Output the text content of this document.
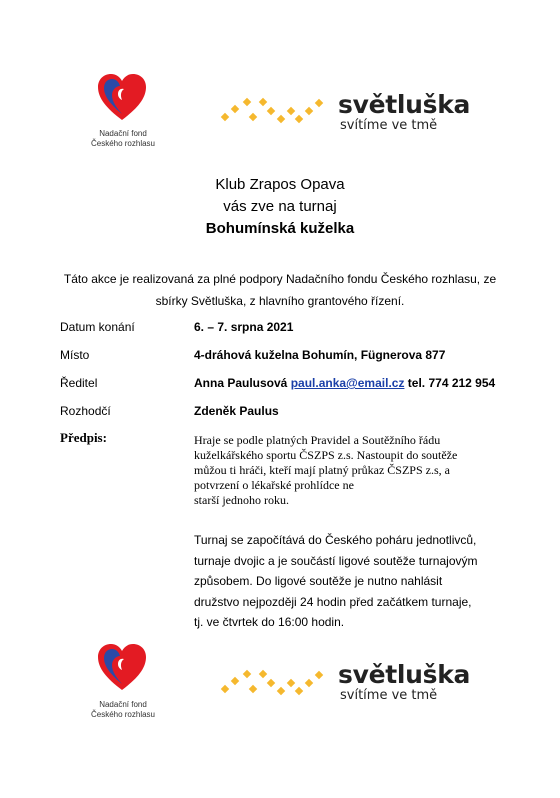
Nadační fond
Českého rozhlasu
světluška
svítíme ve tmě
Klub Zrapos Opava
vás zve na turnaj
Bohumínská kuželka
Táto akce je realizovaná za plné podpory Nadačního fondu Českého rozhlasu, ze
sbírky Světluška, z hlavního grantového řízení.
Datum konání	6. – 7. srpna 2021
Místo	4-dráhová kuželna Bohumín, Fügnerova 877
Ředitel	Anna Paulusová paul.anka@email.cz tel. 774 212 954
Rozhodčí	Zdeněk Paulus
Předpis:	Hraje se podle platných Pravidel a Soutěžního řádu
kuželkářského sportu ČSZPS z.s. Nastoupit do soutěže
můžou ti hráči, kteří mají platný průkaz ČSZPS z.s, a
potvrzení o lékařské prohlídce ne
starší jednoho roku.
Turnaj se započítává do Českého poháru jednotlivců,
turnaje dvojic a je součástí ligové soutěže turnajovým
způsobem. Do ligové soutěže je nutno nahlásit
družstvo nejpozději 24 hodin před začátkem turnaje,
tj. ve čtvrtek do 16:00 hodin.
Nadační fond
Českého rozhlasu
světluška
svítíme ve tmě
